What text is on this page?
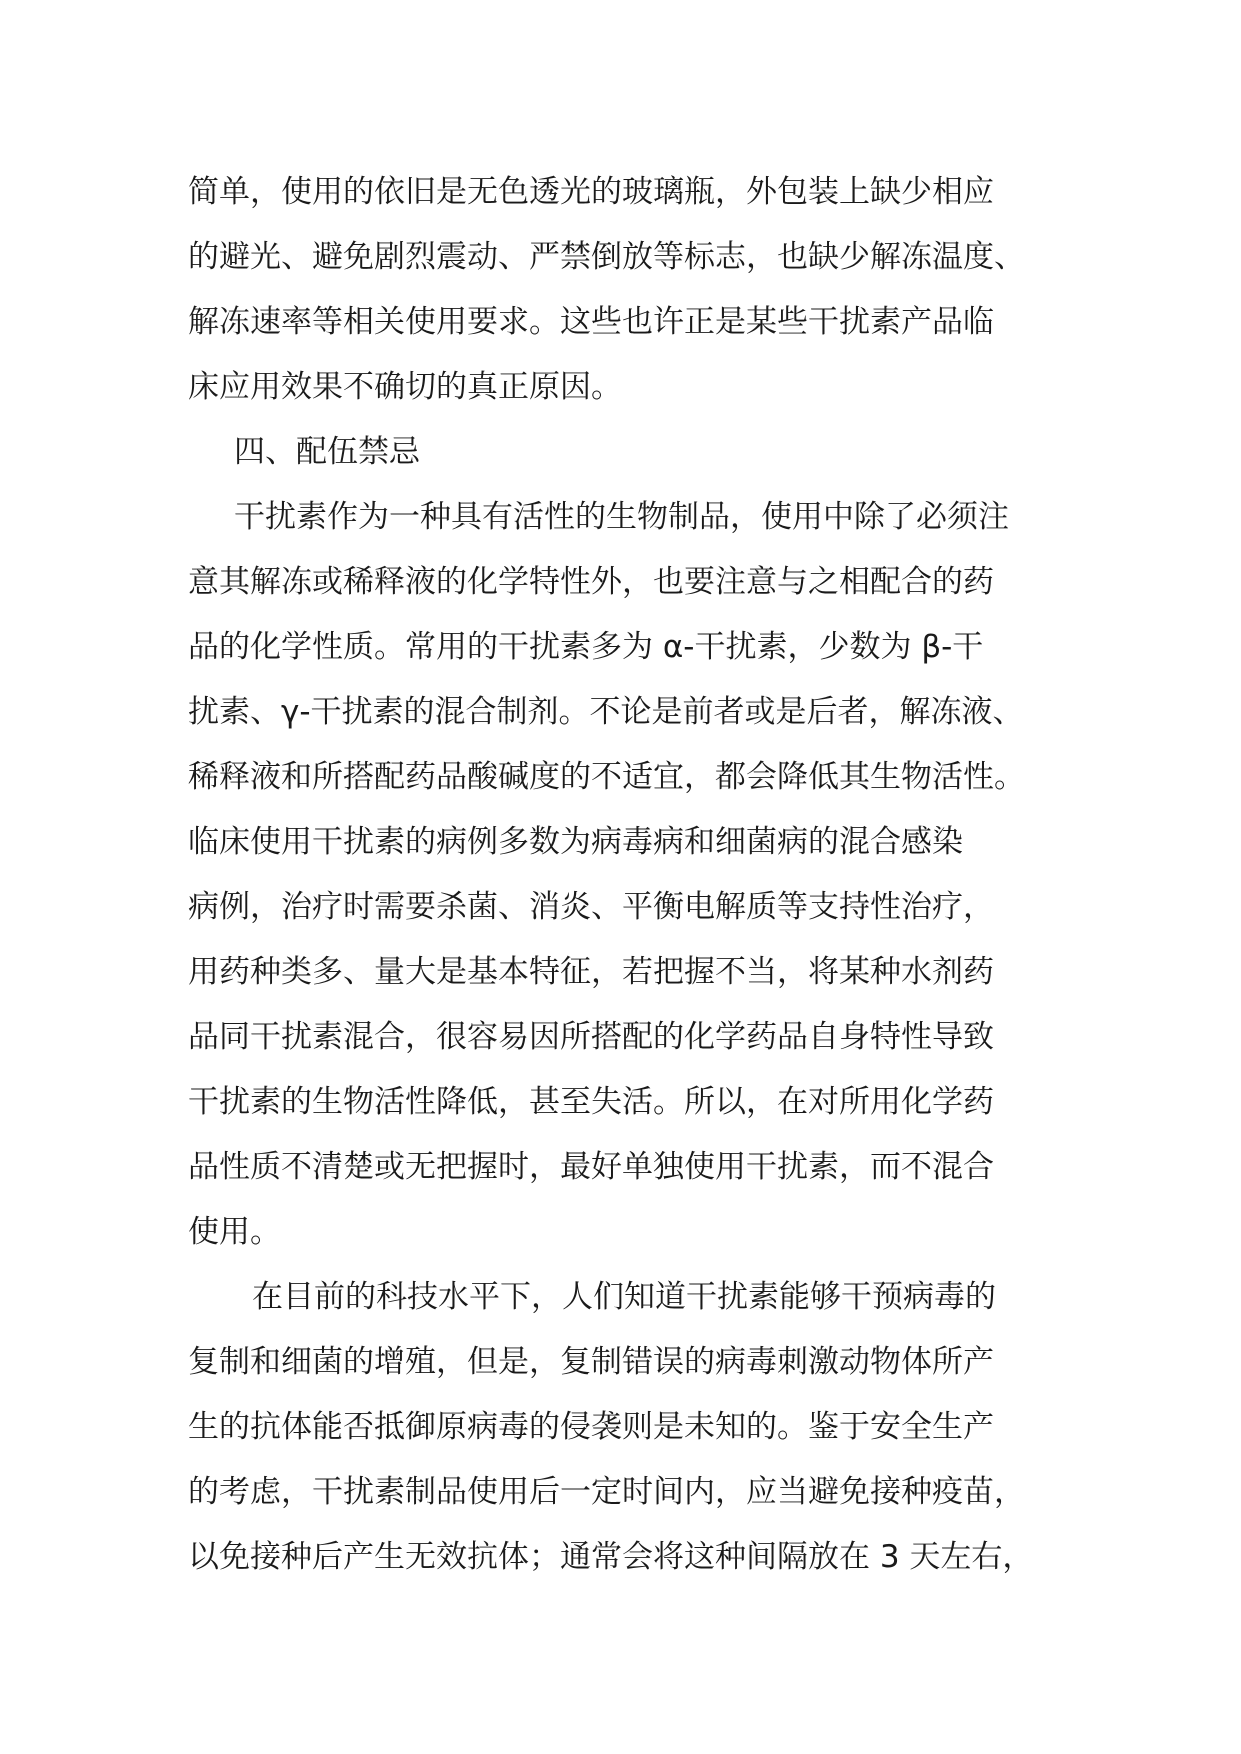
简单，使用的依旧是无色透光的玻璃瓶，外包装上缺少相应
的避光、避免剧烈震动、严禁倒放等标志，也缺少解冻温度、
解冻速率等相关使用要求。这些也许正是某些干扰素产品临
床应用效果不确切的真正原因。
四、配伍禁忌
干扰素作为一种具有活性的生物制品，使用中除了必须注
意其解冻或稀释液的化学特性外，也要注意与之相配合的药
品的化学性质。常用的干扰素多为 α-干扰素，少数为 β-干
扰素、γ-干扰素的混合制剂。不论是前者或是后者，解冻液、
稀释液和所搭配药品酸碱度的不适宜，都会降低其生物活性。
临床使用干扰素的病例多数为病毒病和细菌病的混合感染
病例，治疗时需要杀菌、消炎、平衡电解质等支持性治疗，
用药种类多、量大是基本特征，若把握不当，将某种水剂药
品同干扰素混合，很容易因所搭配的化学药品自身特性导致
干扰素的生物活性降低，甚至失活。所以，在对所用化学药
品性质不清楚或无把握时，最好单独使用干扰素，而不混合
使用。
在目前的科技水平下，人们知道干扰素能够干预病毒的
复制和细菌的增殖，但是，复制错误的病毒刺激动物体所产
生的抗体能否抵御原病毒的侵袭则是未知的。鉴于安全生产
的考虑，干扰素制品使用后一定时间内，应当避免接种疫苗，
以免接种后产生无效抗体；通常会将这种间隔放在 3 天左右，
